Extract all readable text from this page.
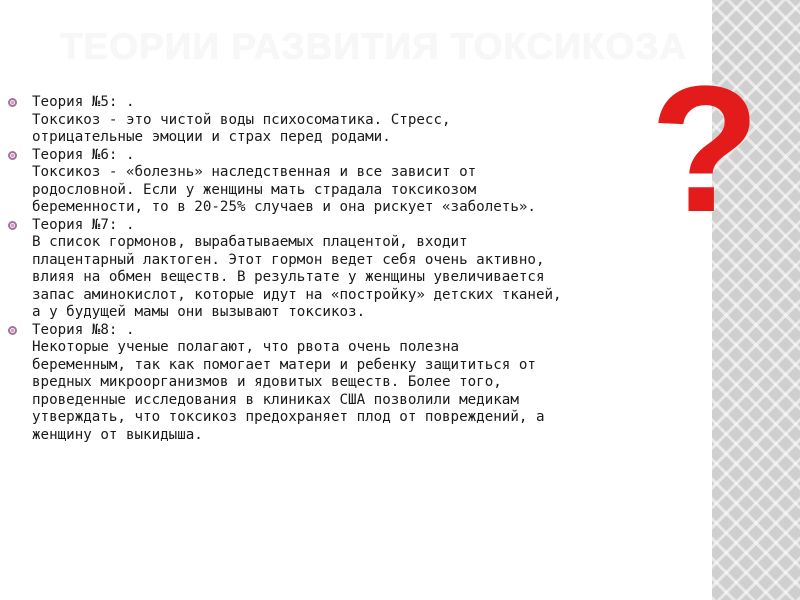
ТЕОРИИ РАЗВИТИЯ ТОКСИКОЗА
?
Теория №5: .
Токсикоз - это чистой воды психосоматика. Стресс,
отрицательные эмоции и страх перед родами.
Теория №6: .
Токсикоз - «болезнь» наследственная и все зависит от
родословной. Если у женщины мать страдала токсикозом
беременности, то в 20-25% случаев и она рискует «заболеть».
Теория №7: .
В список гормонов, вырабатываемых плацентой, входит
плацентарный лактоген. Этот гормон ведет себя очень активно,
влияя на обмен веществ. В результате у женщины увеличивается
запас аминокислот, которые идут на «постройку» детских тканей,
а у будущей мамы они вызывают токсикоз.
Теория №8: .
Некоторые ученые полагают, что рвота очень полезна
беременным, так как помогает матери и ребенку защититься от
вредных микроорганизмов и ядовитых веществ. Более того,
проведенные исследования в клиниках США позволили медикам
утверждать, что токсикоз предохраняет плод от повреждений, а
женщину от выкидыша.
